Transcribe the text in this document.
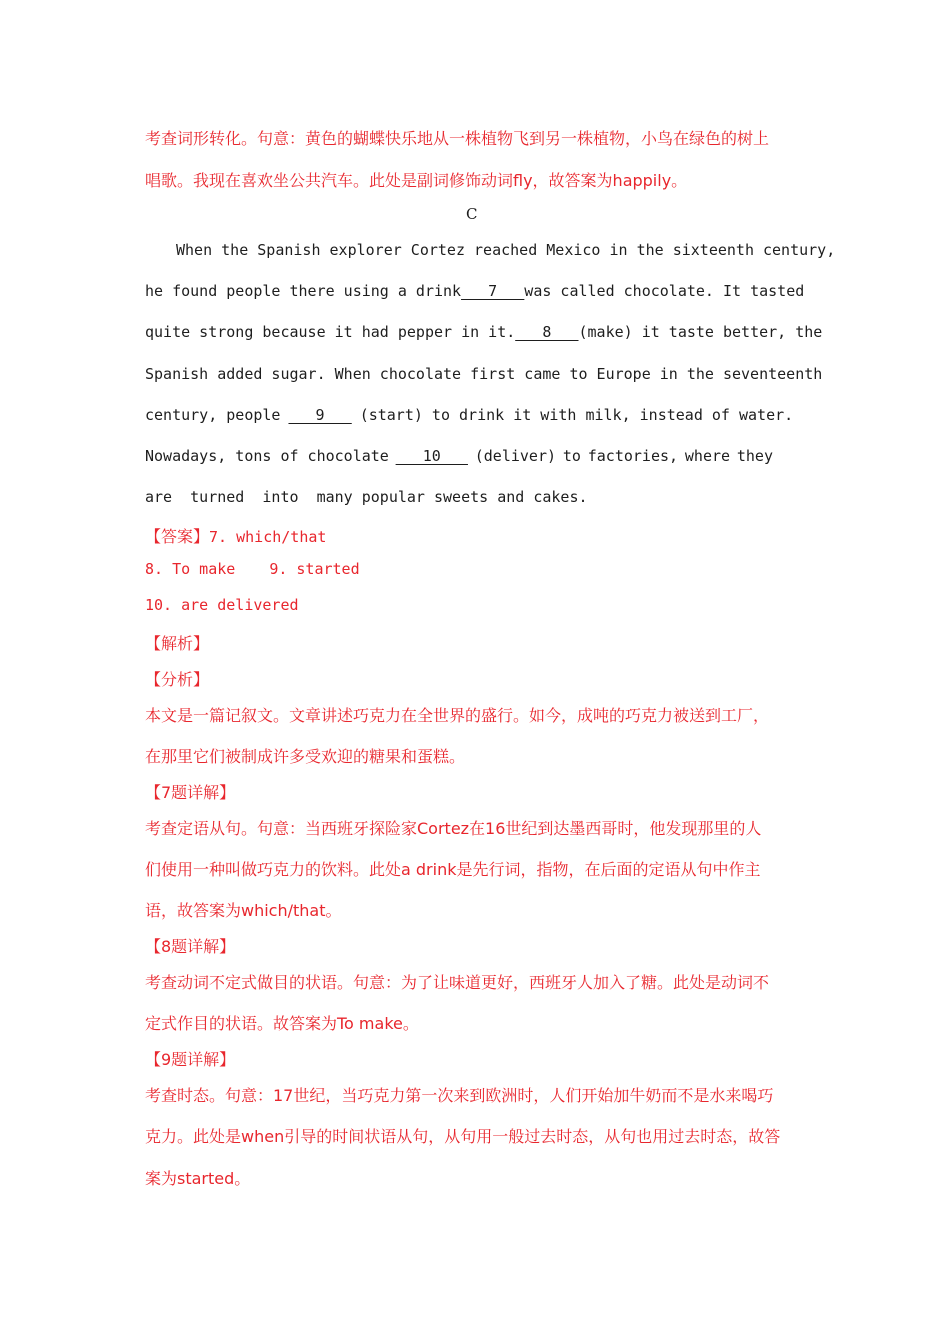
考查词形转化。句意：黄色的蝴蝶快乐地从一株植物飞到另一株植物，小鸟在绿色的树上
唱歌。我现在喜欢坐公共汽车。此处是副词修饰动词fly，故答案为happily。
C
When the Spanish explorer Cortez reached Mexico in the sixteenth century,
he found people there using a drink ___7___ was called chocolate. It tasted
quite strong because it had pepper in it. ___8___ (make) it taste better, the
Spanish added sugar. When chocolate first came to Europe in the seventeenth
century, people ___9___ (start) to drink it with milk, instead of water.
Nowadays, tons of chocolate ___10___ (deliver) to factories, where they
are  turned  into  many popular sweets and cakes.
【答案】7. which/that
8. To make 9. started
10. are delivered
【解析】
【分析】
本文是一篇记叙文。文章讲述巧克力在全世界的盛行。如今，成吨的巧克力被送到工厂，
在那里它们被制成许多受欢迎的糖果和蛋糕。
【7题详解】
考查定语从句。句意：当西班牙探险家Cortez在16世纪到达墨西哥时，他发现那里的人
们使用一种叫做巧克力的饮料。此处a drink是先行词，指物，在后面的定语从句中作主
语，故答案为which/that。
【8题详解】
考查动词不定式做目的状语。句意：为了让味道更好，西班牙人加入了糖。此处是动词不
定式作目的状语。故答案为To make。
【9题详解】
考查时态。句意：17世纪，当巧克力第一次来到欧洲时，人们开始加牛奶而不是水来喝巧
克力。此处是when引导的时间状语从句，从句用一般过去时态，从句也用过去时态，故答
案为started。
